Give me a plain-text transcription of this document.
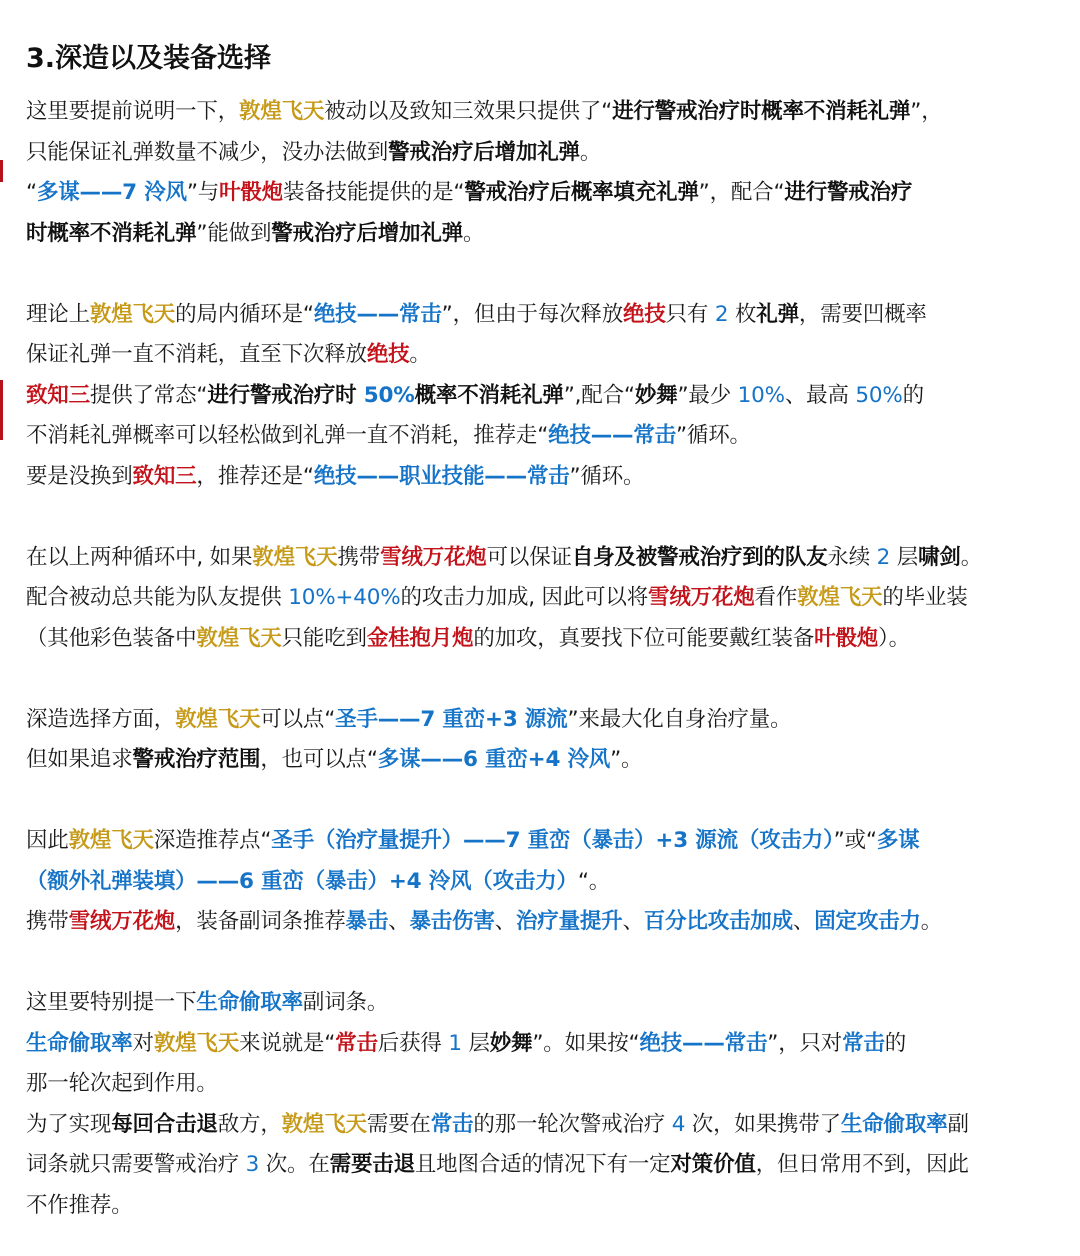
3.深造以及装备选择
这里要提前说明一下，敦煌飞天被动以及致知三效果只提供了“进行警戒治疗时概率不消耗礼弹”，
只能保证礼弹数量不减少，没办法做到警戒治疗后增加礼弹。
“多谋——7 泠风”与叶骰炮装备技能提供的是“警戒治疗后概率填充礼弹”，配合“进行警戒治疗
时概率不消耗礼弹”能做到警戒治疗后增加礼弹。
理论上敦煌飞天的局内循环是“绝技——常击”，但由于每次释放绝技只有 2 枚礼弹，需要凹概率
保证礼弹一直不消耗，直至下次释放绝技。
致知三提供了常态“进行警戒治疗时 50%概率不消耗礼弹”,配合“妙舞”最少 10%、最高 50%的
不消耗礼弹概率可以轻松做到礼弹一直不消耗，推荐走“绝技——常击”循环。
要是没换到致知三，推荐还是“绝技——职业技能——常击”循环。
在以上两种循环中, 如果敦煌飞天携带雪绒万花炮可以保证自身及被警戒治疗到的队友永续 2 层啸剑。
配合被动总共能为队友提供 10%+40%的攻击力加成, 因此可以将雪绒万花炮看作敦煌飞天的毕业装
（其他彩色装备中敦煌飞天只能吃到金桂抱月炮的加攻，真要找下位可能要戴红装备叶骰炮）。
深造选择方面，敦煌飞天可以点“圣手——7 重峦+3 源流”来最大化自身治疗量。
但如果追求警戒治疗范围，也可以点“多谋——6 重峦+4 泠风”。
因此敦煌飞天深造推荐点“圣手（治疗量提升）——7 重峦（暴击）+3 源流（攻击力）”或“多谋
（额外礼弹装填）——6 重峦（暴击）+4 泠风（攻击力）“。
携带雪绒万花炮，装备副词条推荐暴击、暴击伤害、治疗量提升、百分比攻击加成、固定攻击力。
这里要特别提一下生命偷取率副词条。
生命偷取率对敦煌飞天来说就是“常击后获得 1 层妙舞”。如果按“绝技——常击”，只对常击的
那一轮次起到作用。
为了实现每回合击退敌方，敦煌飞天需要在常击的那一轮次警戒治疗 4 次，如果携带了生命偷取率副
词条就只需要警戒治疗 3 次。在需要击退且地图合适的情况下有一定对策价值，但日常用不到，因此
不作推荐。
